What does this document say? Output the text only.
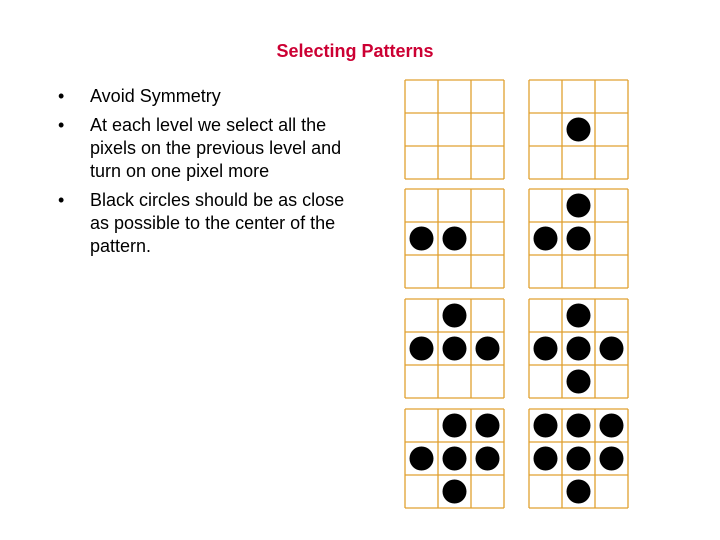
Selecting Patterns
• Avoid Symmetry
• At each level we select all the pixels on the previous level and turn on one pixel more
• Black circles should be as close as possible to the center of the pattern.
